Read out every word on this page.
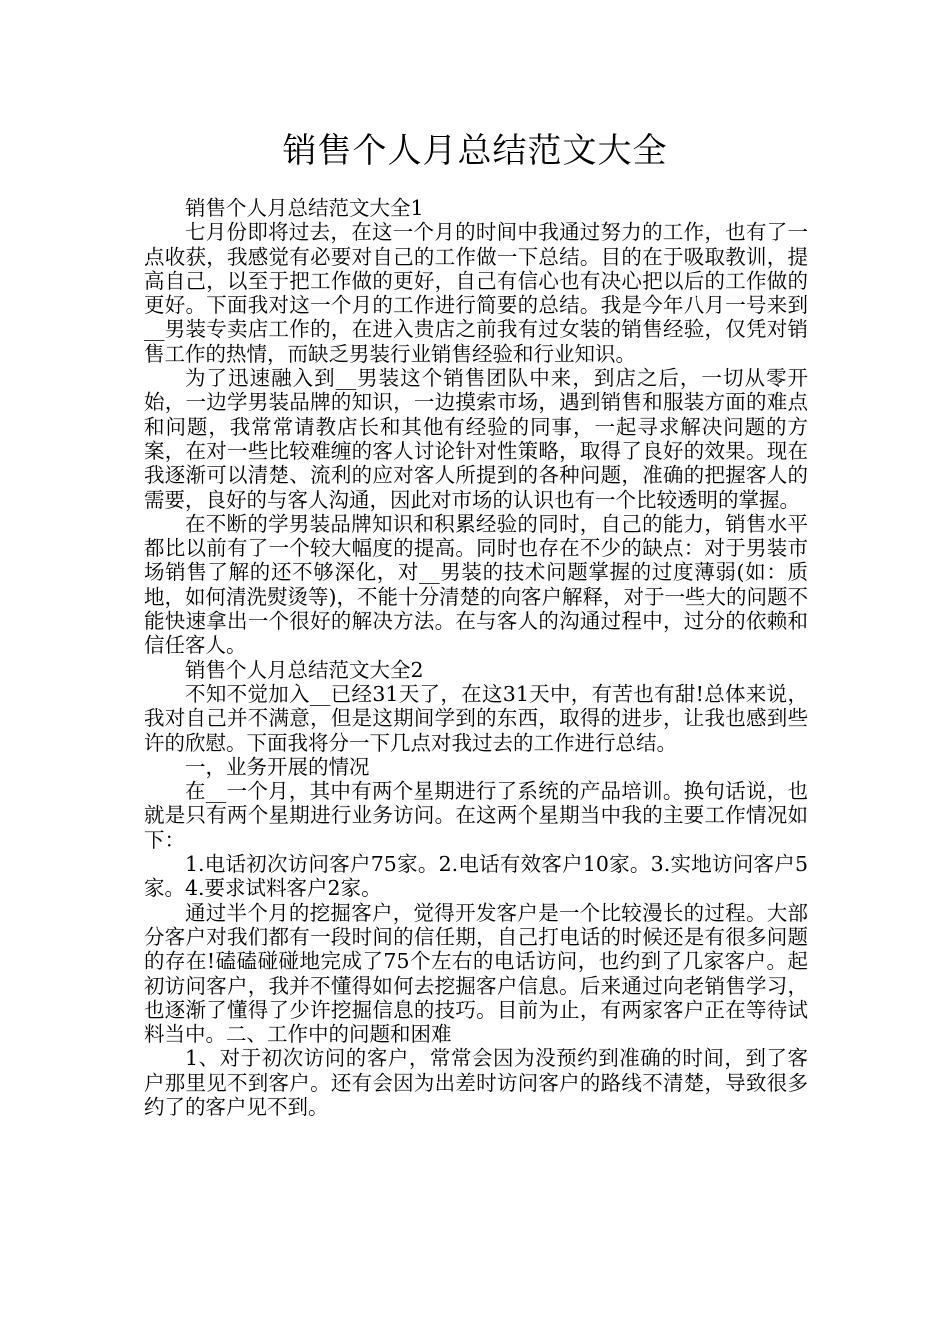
销售个人月总结范文大全

销售个人月总结范文大全1

七月份即将过去，在这一个月的时间中我通过努力的工作，也有了一点收获，我感觉有必要对自己的工作做一下总结。目的在于吸取教训，提高自己，以至于把工作做的更好，自己有信心也有决心把以后的工作做的更好。下面我对这一个月的工作进行简要的总结。我是今年八月一号来到__男装专卖店工作的，在进入贵店之前我有过女装的销售经验，仅凭对销售工作的热情，而缺乏男装行业销售经验和行业知识。

为了迅速融入到__男装这个销售团队中来，到店之后，一切从零开始，一边学男装品牌的知识，一边摸索市场，遇到销售和服装方面的难点和问题，我常常请教店长和其他有经验的同事，一起寻求解决问题的方案，在对一些比较难缠的客人讨论针对性策略，取得了良好的效果。现在我逐渐可以清楚、流利的应对客人所提到的各种问题，准确的把握客人的需要，良好的与客人沟通，因此对市场的认识也有一个比较透明的掌握。

在不断的学男装品牌知识和积累经验的同时，自己的能力，销售水平都比以前有了一个较大幅度的提高。同时也存在不少的缺点：对于男装市场销售了解的还不够深化，对__男装的技术问题掌握的过度薄弱(如：质地，如何清洗熨烫等)，不能十分清楚的向客户解释，对于一些大的问题不能快速拿出一个很好的解决方法。在与客人的沟通过程中，过分的依赖和信任客人。

销售个人月总结范文大全2

不知不觉加入__已经31天了，在这31天中，有苦也有甜!总体来说，我对自己并不满意，但是这期间学到的东西，取得的进步，让我也感到些许的欣慰。下面我将分一下几点对我过去的工作进行总结。

一，业务开展的情况

在__一个月，其中有两个星期进行了系统的产品培训。换句话说，也就是只有两个星期进行业务访问。在这两个星期当中我的主要工作情况如下：

1.电话初次访问客户75家。2.电话有效客户10家。3.实地访问客户5家。4.要求试料客户2家。

通过半个月的挖掘客户，觉得开发客户是一个比较漫长的过程。大部分客户对我们都有一段时间的信任期，自己打电话的时候还是有很多问题的存在!磕磕碰碰地完成了75个左右的电话访问，也约到了几家客户。起初访问客户，我并不懂得如何去挖掘客户信息。后来通过向老销售学习，也逐渐了懂得了少许挖掘信息的技巧。目前为止，有两家客户正在等待试料当中。二、工作中的问题和困难

1、对于初次访问的客户，常常会因为没预约到准确的时间，到了客户那里见不到客户。还有会因为出差时访问客户的路线不清楚，导致很多约了的客户见不到。
